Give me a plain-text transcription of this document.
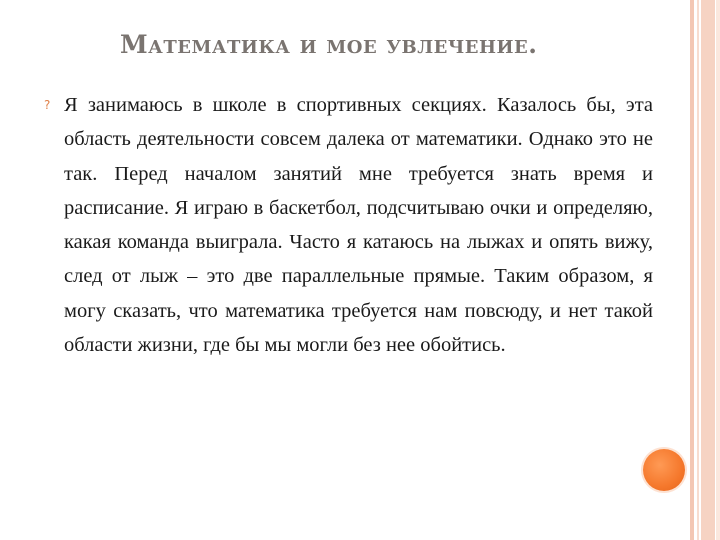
Математика и мое увлечение.
? Я занимаюсь в школе в спортивных секциях. Казалось бы, эта область деятельности совсем далека от математики. Однако это не так. Перед началом занятий мне требуется знать время и расписание. Я играю в баскетбол, подсчитываю очки и определяю, какая команда выиграла. Часто я катаюсь на лыжах и опять вижу, след от лыж – это две параллельные прямые. Таким образом, я могу сказать, что математика требуется нам повсюду, и нет такой области жизни, где бы мы могли без нее обойтись.
